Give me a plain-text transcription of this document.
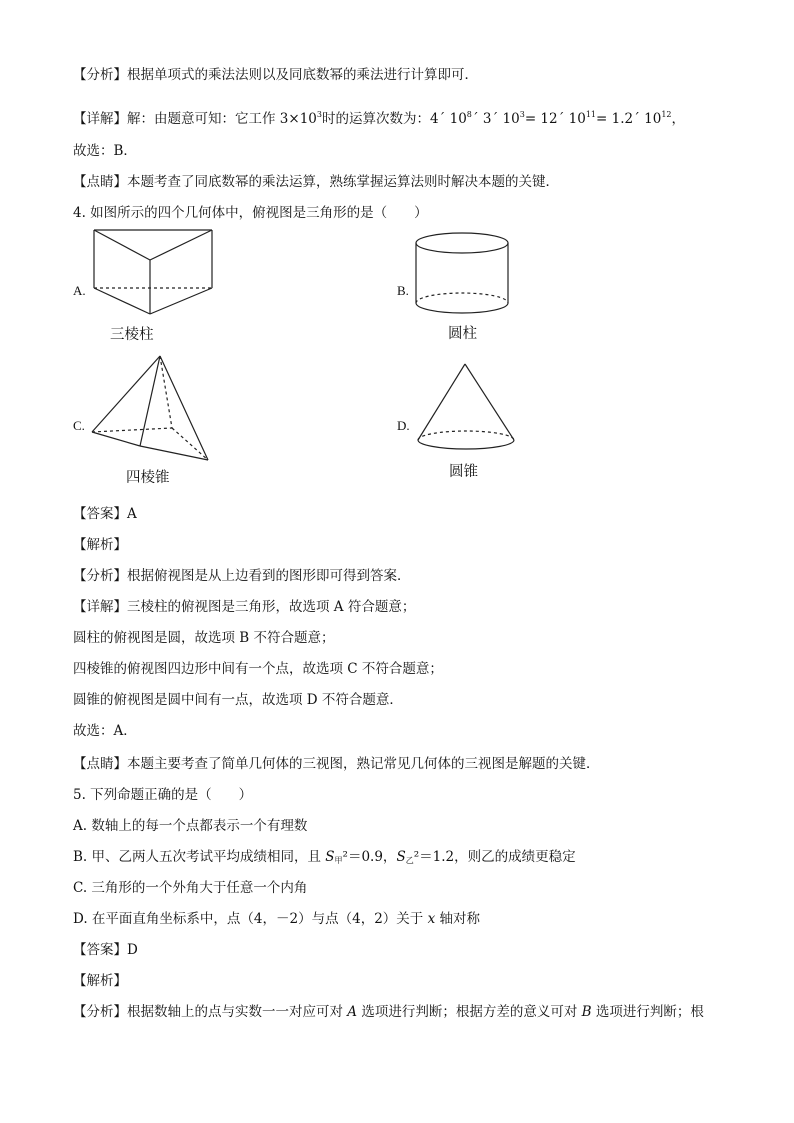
【分析】根据单项式的乘法法则以及同底数幂的乘法进行计算即可．
【详解】解：由题意可知：它工作 $3\times 10^3$时的运算次数为：4´ $10^8´$ 3´ $10^3=$ 12´ $10^{11}=$ 1.2´ $10^{12}$，
故选：B．
【点睛】本题考查了同底数幂的乘法运算，熟练掌握运算法则时解决本题的关键．
4. 如图所示的四个几何体中，俯视图是三角形的是（　　）
A.
三棱柱
B.
圆柱
C.
四棱锥
D.
圆锥
【答案】A
【解析】
【分析】根据俯视图是从上边看到的图形即可得到答案．
【详解】三棱柱的俯视图是三角形，故选项 A 符合题意；
圆柱的俯视图是圆，故选项 B 不符合题意；
四棱锥的俯视图四边形中间有一个点，故选项 C 不符合题意；
圆锥的俯视图是圆中间有一点，故选项 D 不符合题意．
故选：A．
【点睛】本题主要考查了简单几何体的三视图，熟记常见几何体的三视图是解题的关键．
5. 下列命题正确的是（　　）
A. 数轴上的每一个点都表示一个有理数
B. 甲、乙两人五次考试平均成绩相同，且 $S_甲^2=0.9$，$S_乙^2=1.2$，则乙的成绩更稳定
C. 三角形的一个外角大于任意一个内角
D. 在平面直角坐标系中，点（4，－2）与点（4，2）关于 x 轴对称
【答案】D
【解析】
【分析】根据数轴上的点与实数一一对应可对 A 选项进行判断；根据方差的意义可对 B 选项进行判断；根
